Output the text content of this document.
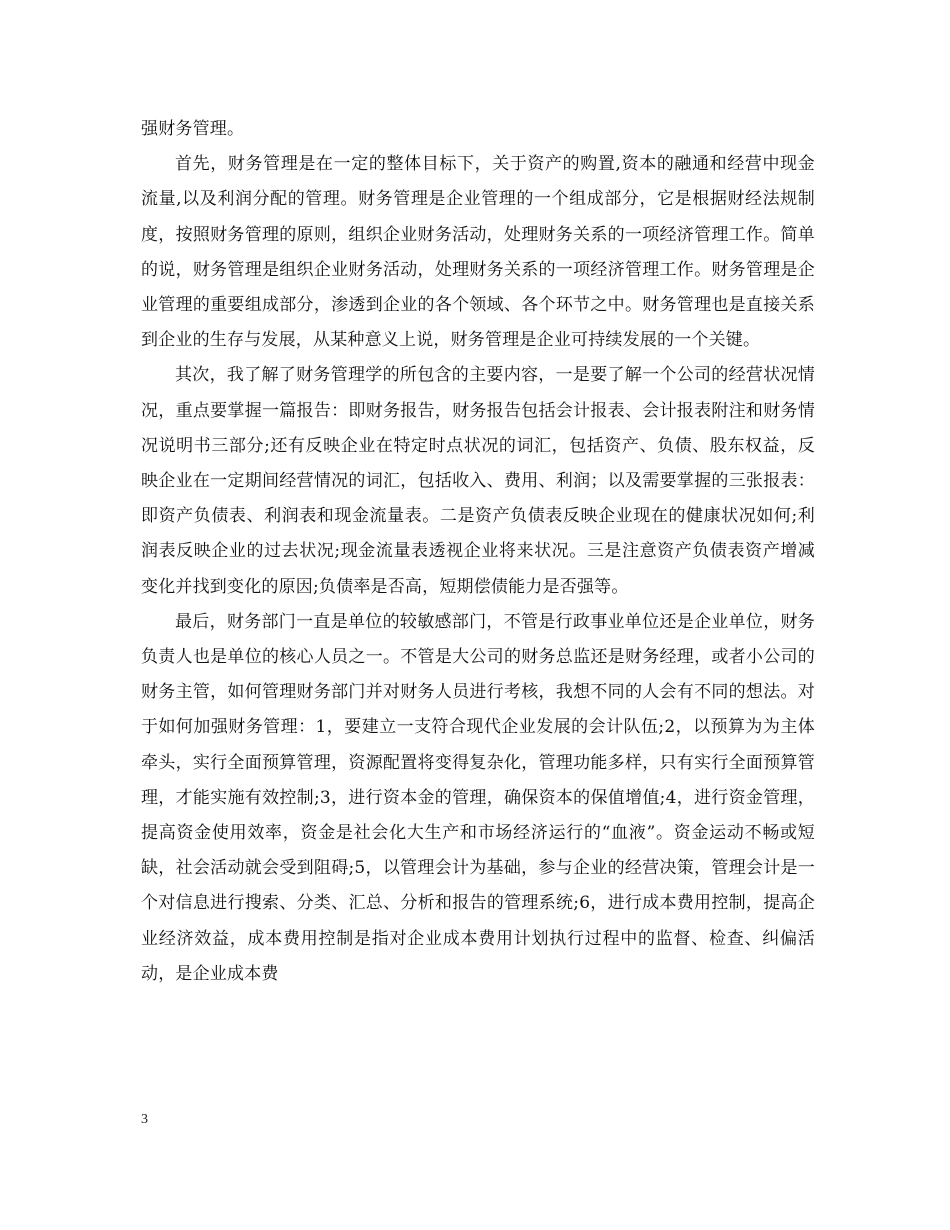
强财务管理。

首先，财务管理是在一定的整体目标下，关于资产的购置,资本的融通和经营中现金流量,以及利润分配的管理。财务管理是企业管理的一个组成部分，它是根据财经法规制度，按照财务管理的原则，组织企业财务活动，处理财务关系的一项经济管理工作。简单的说，财务管理是组织企业财务活动，处理财务关系的一项经济管理工作。财务管理是企业管理的重要组成部分，渗透到企业的各个领域、各个环节之中。财务管理也是直接关系到企业的生存与发展，从某种意义上说，财务管理是企业可持续发展的一个关键。

其次，我了解了财务管理学的所包含的主要内容，一是要了解一个公司的经营状况情况，重点要掌握一篇报告：即财务报告，财务报告包括会计报表、会计报表附注和财务情况说明书三部分;还有反映企业在特定时点状况的词汇，包括资产、负债、股东权益，反映企业在一定期间经营情况的词汇，包括收入、费用、利润；以及需要掌握的三张报表：即资产负债表、利润表和现金流量表。二是资产负债表反映企业现在的健康状况如何;利润表反映企业的过去状况;现金流量表透视企业将来状况。三是注意资产负债表资产增减变化并找到变化的原因;负债率是否高，短期偿债能力是否强等。

最后，财务部门一直是单位的较敏感部门，不管是行政事业单位还是企业单位，财务负责人也是单位的核心人员之一。不管是大公司的财务总监还是财务经理，或者小公司的财务主管，如何管理财务部门并对财务人员进行考核，我想不同的人会有不同的想法。对于如何加强财务管理：1，要建立一支符合现代企业发展的会计队伍;2，以预算为为主体牵头，实行全面预算管理，资源配置将变得复杂化，管理功能多样，只有实行全面预算管理，才能实施有效控制;3，进行资本金的管理，确保资本的保值增值;4，进行资金管理，提高资金使用效率，资金是社会化大生产和市场经济运行的“血液”。资金运动不畅或短缺，社会活动就会受到阻碍;5，以管理会计为基础，参与企业的经营决策，管理会计是一个对信息进行搜索、分类、汇总、分析和报告的管理系统;6，进行成本费用控制，提高企业经济效益，成本费用控制是指对企业成本费用计划执行过程中的监督、检查、纠偏活动，是企业成本费

3
